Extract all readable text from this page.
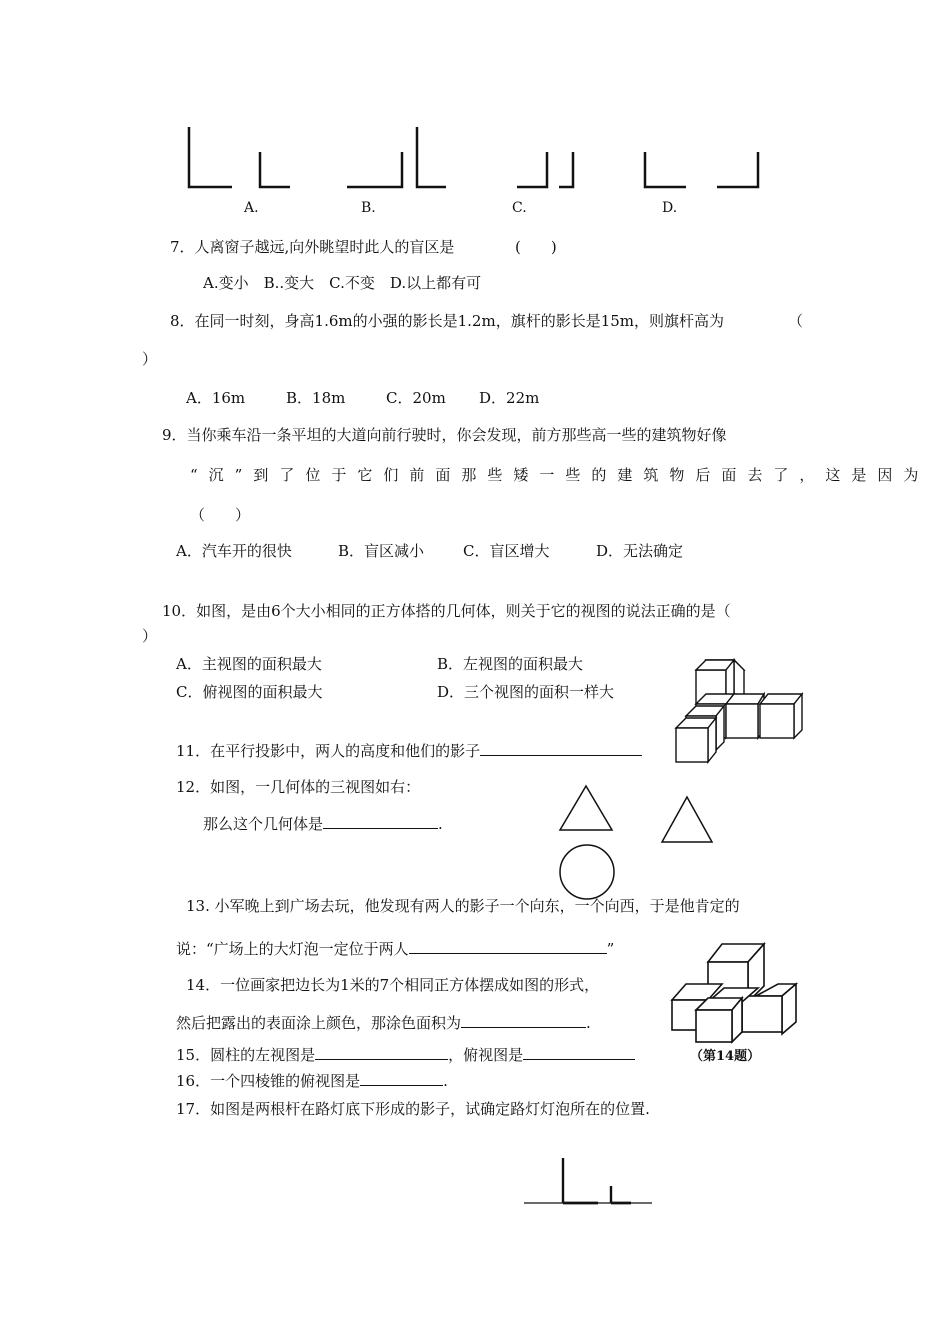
A.	B.	C.	D.
7．人离窗子越远,向外眺望时此人的盲区是	(　　)
A.变小　B..变大　C.不变　D.以上都有可
8．在同一时刻，身高1.6m的小强的影长是1.2m，旗杆的影长是15m，则旗杆高为	（
）
A．16m	B．18m	C．20m D．22m
9．当你乘车沿一条平坦的大道向前行驶时，你会发现，前方那些高一些的建筑物好像
“沉”到了位于它们前面那些矮一些的建筑物后面去了，这是因为
（　　）
A．汽车开的很快	B．盲区减小	C．盲区增大	D．无法确定
10．如图，是由6个大小相同的正方体搭的几何体，则关于它的视图的说法正确的是（
）
A．主视图的面积最大	B．左视图的面积最大
C．俯视图的面积最大	D．三个视图的面积一样大
11．在平行投影中，两人的高度和他们的影子
12．如图，一几何体的三视图如右：
那么这个几何体是	.
13. 小军晚上到广场去玩，他发现有两人的影子一个向东，一个向西，于是他肯定的
说：“广场上的大灯泡一定位于两人	”
14．一位画家把边长为1米的7个相同正方体摆成如图的形式，
然后把露出的表面涂上颜色，那涂色面积为	.
（第14题）
15．圆柱的左视图是	，俯视图是
16．一个四棱锥的俯视图是	.
17．如图是两根杆在路灯底下形成的影子，试确定路灯灯泡所在的位置.
